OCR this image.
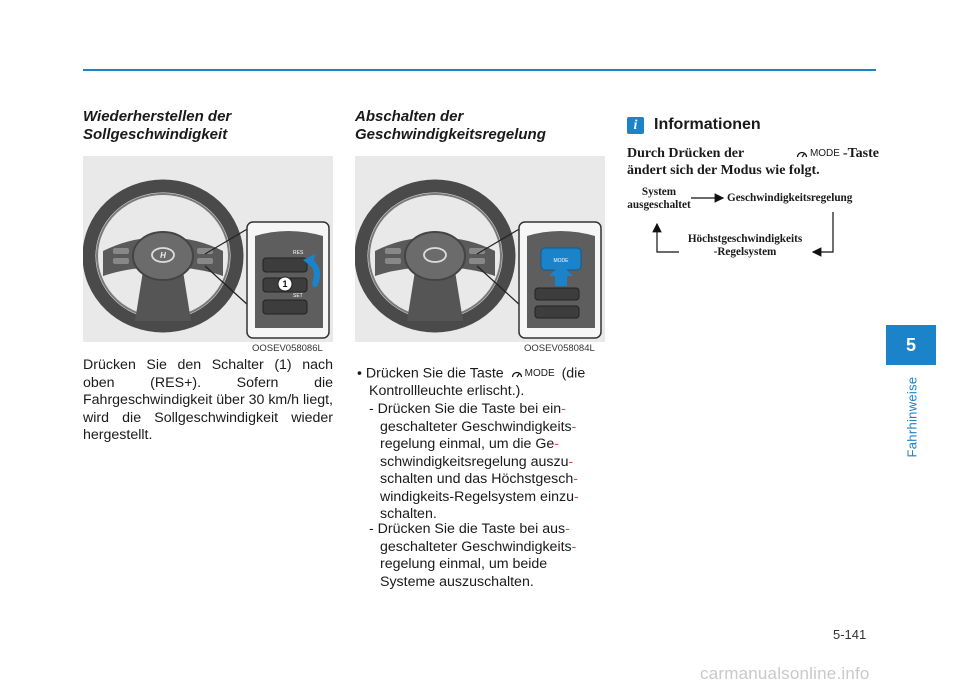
Wiederherstellen der
Sollgeschwindigkeit
H	RES
SET
1
OOSEV058086L
Drücken Sie den Schalter (1) nach oben (RES+). Sofern die Fahrgeschwindigkeit über 30 km/h liegt, wird die Sollgeschwindigkeit wieder hergestellt.
Abschalten der
Geschwindigkeitsregelung
MODE
OOSEV058084L
• Drücken Sie die Taste MODE (die
Kontrollleuchte erlischt.).
- Drücken Sie die Taste bei ein-
geschalteter Geschwindigkeits-
regelung einmal, um die Ge-
schwindigkeitsregelung auszu-
schalten und das Höchstgesch-
windigkeits-Regelsystem einzu-
schalten.
- Drücken Sie die Taste bei aus-
geschalteter Geschwindigkeits-
regelung einmal, um beide
Systeme auszuschalten.
i	Informationen
Durch Drücken der	MODE -Taste
ändert sich der Modus wie folgt.
System
ausgeschaltet
Geschwindigkeitsregelung
Höchstgeschwindigkeits
-Regelsystem
5
Fahrhinweise
5-141
carmanualsonline.info
